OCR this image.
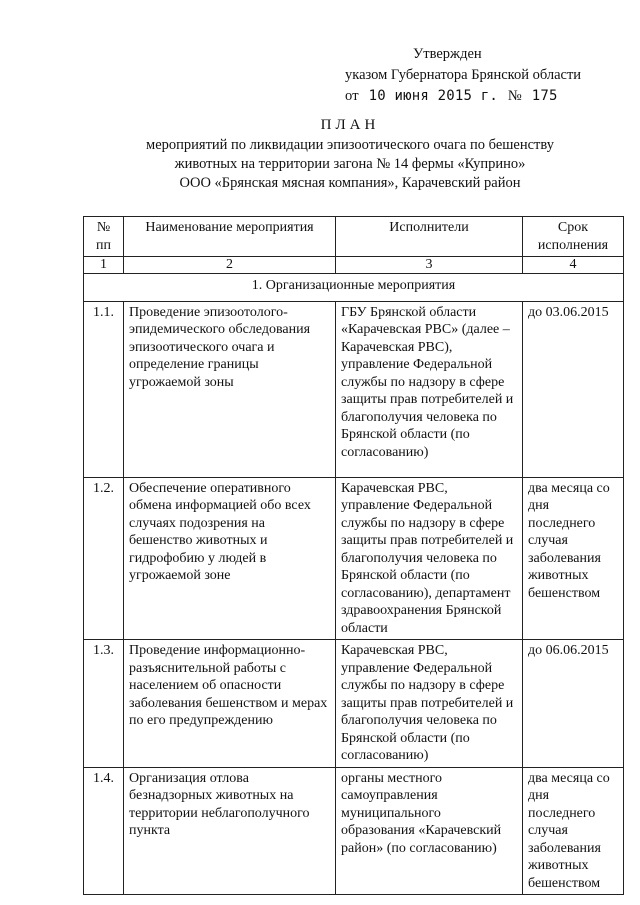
Утвержден
указом Губернатора Брянской области
от 10 июня 2015 г. № 175
ПЛАН
мероприятий по ликвидации эпизоотического очага по бешенству
животных на территории загона № 14 фермы «Куприно»
ООО «Брянская мясная компания», Карачевский район
№ пп	Наименование мероприятия	Исполнители	Срок исполнения
1	2	3	4
1. Организационные мероприятия			
1.1.	Проведение эпизоотолого-эпидемического обследования эпизоотического очага и определение границы угрожаемой зоны	ГБУ Брянской области «Карачевская РВС» (далее – Карачевская РВС), управление Федеральной службы по надзору в сфере защиты прав потребителей и благополучия человека по Брянской области (по согласованию)	до 03.06.2015
1.2.	Обеспечение оперативного обмена информацией обо всех случаях подозрения на бешенство животных и гидрофобию у людей в угрожаемой зоне	Карачевская РВС, управление Федеральной службы по надзору в сфере защиты прав потребителей и благополучия человека по Брянской области (по согласованию), департамент здравоохранения Брянской области	два месяца со дня последнего случая заболевания животных бешенством
1.3.	Проведение информационно-разъяснительной работы с населением об опасности заболевания бешенством и мерах по его предупреждению	Карачевская РВС, управление Федеральной службы по надзору в сфере защиты прав потребителей и благополучия человека по Брянской области (по согласованию)	до 06.06.2015
1.4.	Организация отлова безнадзорных животных на территории неблагополучного пункта	органы местного самоуправления муниципального образования «Карачевский район» (по согласованию)	два месяца со дня последнего случая заболевания животных бешенством
